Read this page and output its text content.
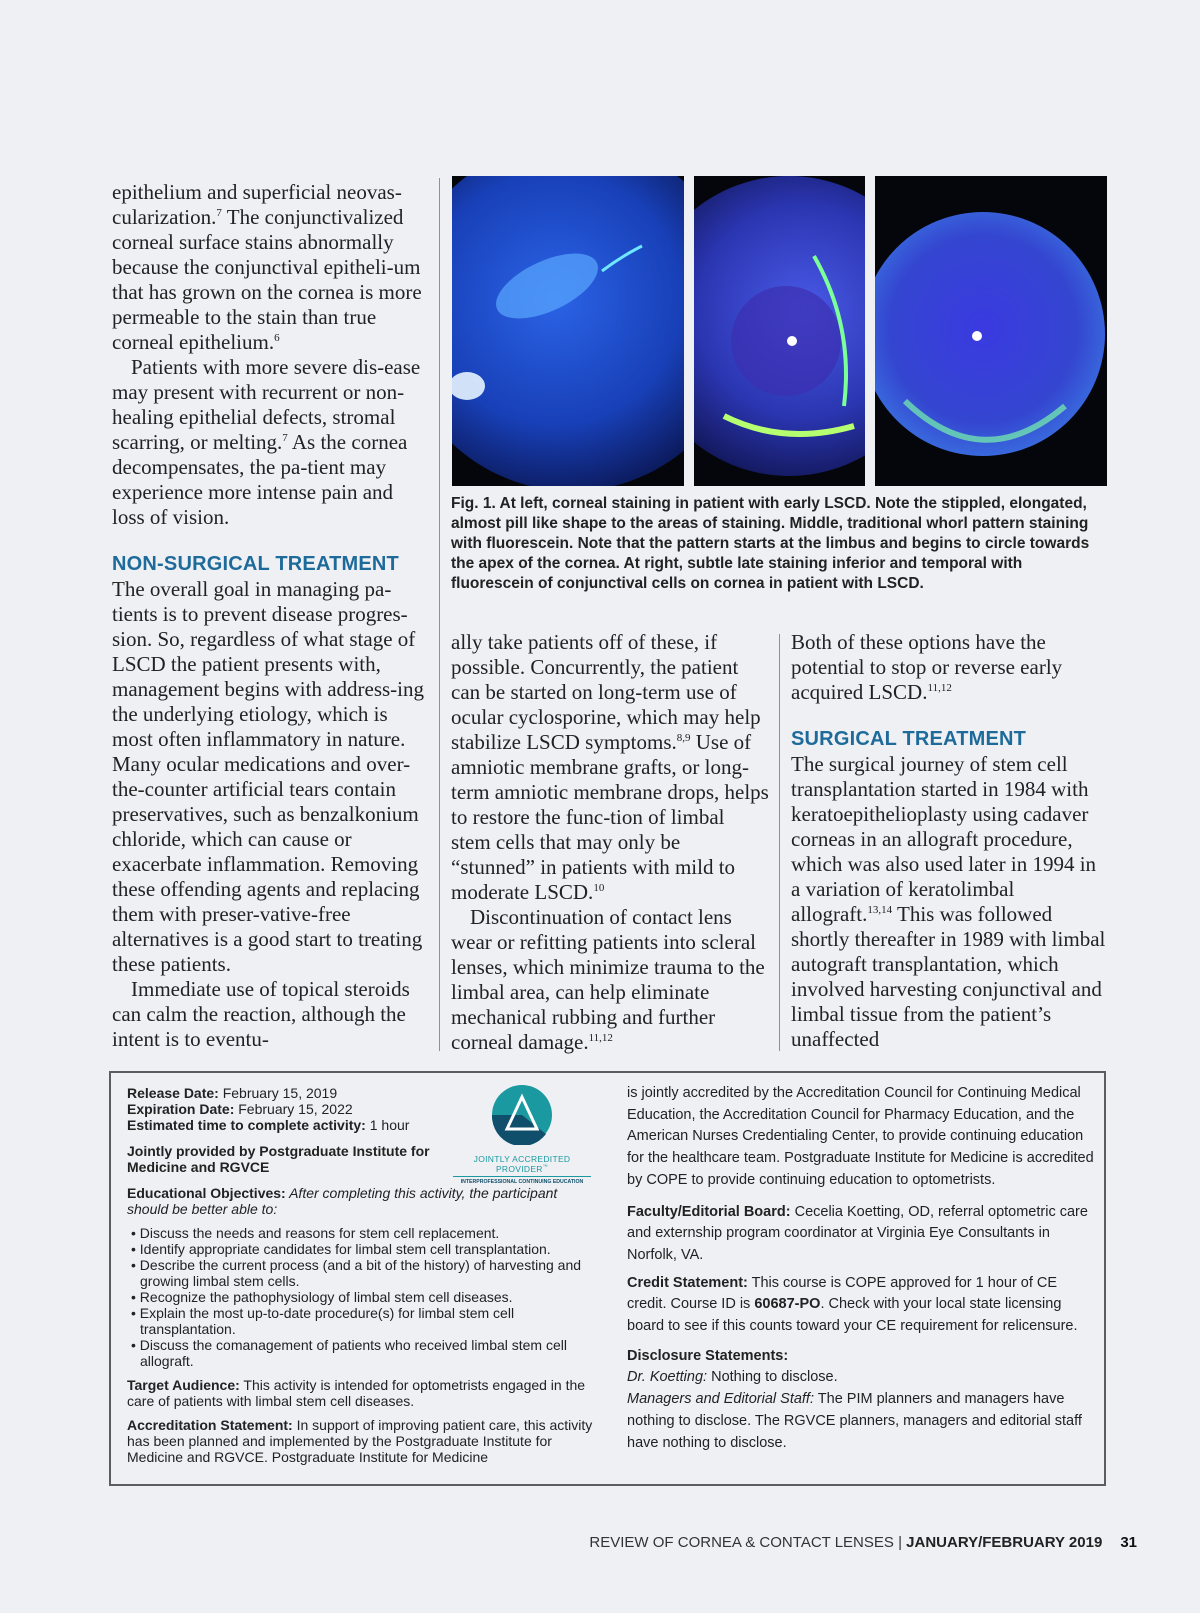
epithelium and superficial neovas-cularization.$^7$ The conjunctivalized corneal surface stains abnormally because the conjunctival epitheli-um that has grown on the cornea is more permeable to the stain than true corneal epithelium.$^6$

Patients with more severe dis-ease may present with recurrent or non-healing epithelial defects, stromal scarring, or melting.$^7$ As the cornea decompensates, the pa-tient may experience more intense pain and loss of vision.

NON-SURGICAL TREATMENT

The overall goal in managing pa-tients is to prevent disease progres-sion. So, regardless of what stage of LSCD the patient presents with, management begins with address-ing the underlying etiology, which is most often inflammatory in nature. Many ocular medications and over-the-counter artificial tears contain preservatives, such as benzalkonium chloride, which can cause or exacerbate inflammation. Removing these offending agents and replacing them with preser-vative-free alternatives is a good start to treating these patients.

Immediate use of topical steroids can calm the reaction, although the intent is to eventu-

Fig. 1. At left, corneal staining in patient with early LSCD. Note the stippled, elongated, almost pill like shape to the areas of staining. Middle, traditional whorl pattern staining with fluorescein. Note that the pattern starts at the limbus and begins to circle towards the apex of the cornea. At right, subtle late staining inferior and temporal with fluorescein of conjunctival cells on cornea in patient with LSCD.

ally take patients off of these, if possible. Concurrently, the patient can be started on long-term use of ocular cyclosporine, which may help stabilize LSCD symptoms.$^{8,9}$ Use of amniotic membrane grafts, or long-term amniotic membrane drops, helps to restore the func-tion of limbal stem cells that may only be “stunned” in patients with mild to moderate LSCD.$^{10}$

Discontinuation of contact lens wear or refitting patients into scleral lenses, which minimize trauma to the limbal area, can help eliminate mechanical rubbing and further corneal damage.$^{11,12}$

Both of these options have the potential to stop or reverse early acquired LSCD.$^{11,12}$

SURGICAL TREATMENT

The surgical journey of stem cell transplantation started in 1984 with keratoepithelioplasty using cadaver corneas in an allograft procedure, which was also used later in 1994 in a variation of keratolimbal allograft.$^{13,14}$ This was followed shortly thereafter in 1989 with limbal autograft transplantation, which involved harvesting conjunctival and limbal tissue from the patient’s unaffected

Release Date: February 15, 2019

Expiration Date: February 15, 2022

Estimated time to complete activity: 1 hour

Jointly provided by Postgraduate Institute for Medicine and RGVCE

Educational Objectives: After completing this activity, the participant should be better able to:

• Discuss the needs and reasons for stem cell replacement.
• Identify appropriate candidates for limbal stem cell transplantation.
• Describe the current process (and a bit of the history) of harvesting and growing limbal stem cells.
• Recognize the pathophysiology of limbal stem cell diseases.
• Explain the most up-to-date procedure(s) for limbal stem cell transplantation.
• Discuss the comanagement of patients who received limbal stem cell allograft.

Target Audience: This activity is intended for optometrists engaged in the care of patients with limbal stem cell diseases.

Accreditation Statement: In support of improving patient care, this activity has been planned and implemented by the Postgraduate Institute for Medicine and RGVCE. Postgraduate Institute for Medicine

JOINTLY ACCREDITED PROVIDER™
INTERPROFESSIONAL CONTINUING EDUCATION

is jointly accredited by the Accreditation Council for Continuing Medical Education, the Accreditation Council for Pharmacy Education, and the American Nurses Credentialing Center, to provide continuing education for the healthcare team. Postgraduate Institute for Medicine is accredited by COPE to provide continuing education to optometrists.

Faculty/Editorial Board: Cecelia Koetting, OD, referral optometric care and externship program coordinator at Virginia Eye Consultants in Norfolk, VA.

Credit Statement: This course is COPE approved for 1 hour of CE credit. Course ID is 60687-PO. Check with your local state licensing board to see if this counts toward your CE requirement for relicensure.

Disclosure Statements:

Dr. Koetting: Nothing to disclose.

Managers and Editorial Staff: The PIM planners and managers have nothing to disclose. The RGVCE planners, managers and editorial staff have nothing to disclose.

REVIEW OF CORNEA & CONTACT LENSES | JANUARY/FEBRUARY 2019 31
